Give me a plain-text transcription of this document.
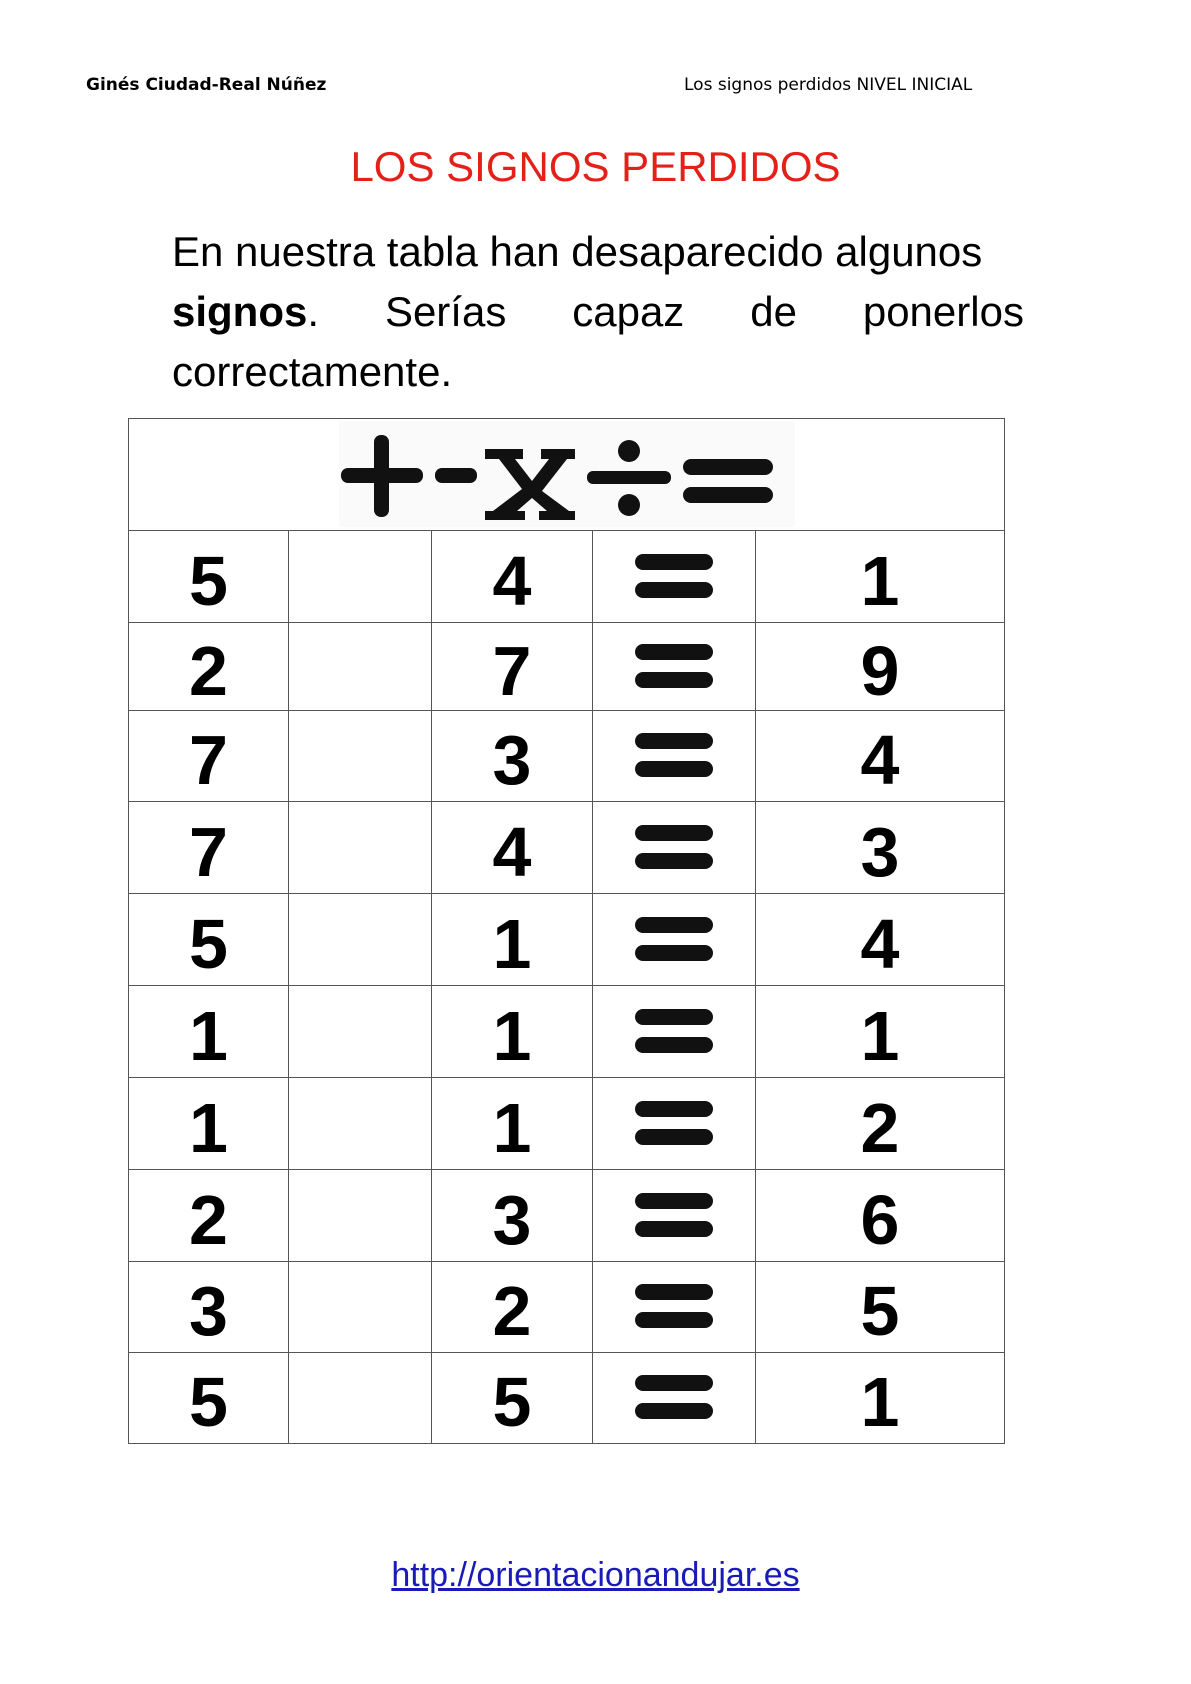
Ginés Ciudad-Real Núñez	Los signos perdidos NIVEL INICIAL
LOS SIGNOS PERDIDOS
En nuestra tabla han desaparecido algunos
signos. Serías capaz de ponerlos
correctamente.

5		4		1
2		7		9
7		3		4
7		4		3
5		1		4
1		1		1
1		1		2
2		3		6
3		2		5
5		5		1
http://orientacionandujar.es
